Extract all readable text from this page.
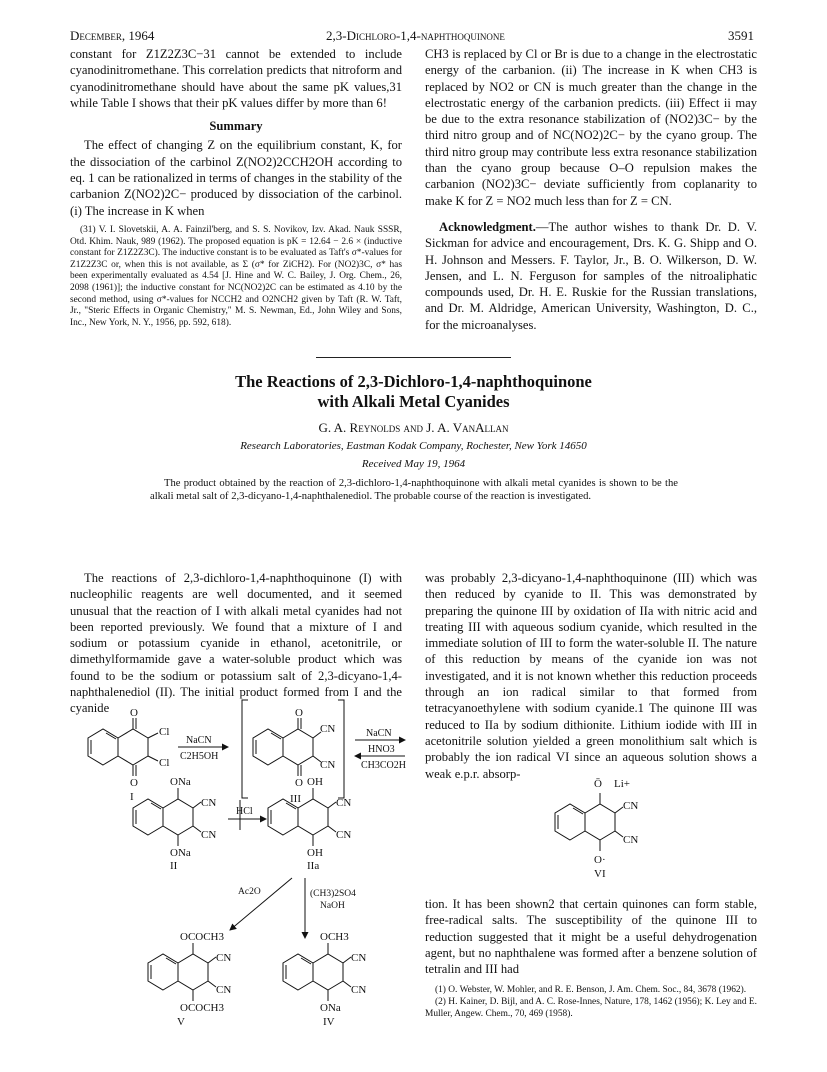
December, 1964	2,3-Dichloro-1,4-naphthoquinone	3591

constant for Z1Z2Z3C−31 cannot be extended to include cyanodinitromethane. This correlation predicts that nitroform and cyanodinitromethane should have about the same pK values,31 while Table I shows that their pK values differ by more than 6!

Summary

The effect of changing Z on the equilibrium constant, K, for the dissociation of the carbinol Z(NO2)2CCH2OH according to eq. 1 can be rationalized in terms of changes in the stability of the carbanion Z(NO2)2C− produced by dissociation of the carbinol. (i) The increase in K when

(31) V. I. Slovetskii, A. A. Fainzil'berg, and S. S. Novikov, Izv. Akad. Nauk SSSR, Otd. Khim. Nauk, 989 (1962). The proposed equation is pK = 12.64 − 2.6 × (inductive constant for Z1Z2Z3C). The inductive constant is to be evaluated as Taft's σ*-values for Z1Z2Z3C or, when this is not available, as Σ (σ* for ZiCH2). For (NO2)3C, σ* has been experimentally evaluated as 4.54 [J. Hine and W. C. Bailey, J. Org. Chem., 26, 2098 (1961)]; the inductive constant for NC(NO2)2C can be estimated as 4.10 by the second method, using σ*-values for NCCH2 and O2NCH2 given by Taft (R. W. Taft, Jr., "Steric Effects in Organic Chemistry," M. S. Newman, Ed., John Wiley and Sons, Inc., New York, N. Y., 1956, pp. 592, 618).

CH3 is replaced by Cl or Br is due to a change in the electrostatic energy of the carbanion. (ii) The increase in K when CH3 is replaced by NO2 or CN is much greater than the change in the electrostatic energy of the carbanion predicts. (iii) Effect ii may be due to the extra resonance stabilization of (NO2)3C− by the third nitro group and of NC(NO2)2C− by the cyano group. The third nitro group may contribute less extra resonance stabilization than the cyano group because O–O repulsion makes the carbanion (NO2)3C− deviate sufficiently from coplanarity to make K for Z = NO2 much less than for Z = CN.

Acknowledgment.—The author wishes to thank Dr. D. V. Sickman for advice and encouragement, Drs. K. G. Shipp and O. H. Johnson and Messers. F. Taylor, Jr., B. O. Wilkerson, D. W. Jensen, and L. N. Ferguson for samples of the nitroaliphatic compounds used, Dr. H. E. Ruskie for the Russian translations, and Dr. M. Aldridge, American University, Washington, D. C., for the microanalyses.

The Reactions of 2,3-Dichloro-1,4-naphthoquinone
with Alkali Metal Cyanides
G. A. Reynolds and J. A. VanAllan
Research Laboratories, Eastman Kodak Company, Rochester, New York 14650
Received May 19, 1964
The product obtained by the reaction of 2,3-dichloro-1,4-naphthoquinone with alkali metal cyanides is shown to be the alkali metal salt of 2,3-dicyano-1,4-naphthalenediol. The probable course of the reaction is investigated.

The reactions of 2,3-dichloro-1,4-naphthoquinone (I) with nucleophilic reagents are well documented, and it seemed unusual that the reaction of I with alkali metal cyanides had not been reported previously. We found that a mixture of I and sodium or potassium cyanide in ethanol, acetonitrile, or dimethylformamide gave a water-soluble product which was found to be the sodium or potassium salt of 2,3-dicyano-1,4-naphthalenediol (II). The initial product formed from I and the cyanide

was probably 2,3-dicyano-1,4-naphthoquinone (III) which was then reduced by cyanide to II. This was demonstrated by preparing the quinone III by oxidation of IIa with nitric acid and treating III with aqueous sodium cyanide, which resulted in the immediate solution of III to form the water-soluble II. The nature of this reduction by means of the cyanide ion was not investigated, and it is not known whether this reduction proceeds through an ion radical similar to that formed from tetracyanoethylene with sodium cyanide.1 The quinone III was reduced to IIa by sodium dithionite. Lithium iodide with III in acetonitrile solution yielded a green monolithium salt which is probably the ion radical VI since an aqueous solution shows a weak e.p.r. absorp-

tion. It has been shown2 that certain quinones can form stable, free-radical salts. The susceptibility of the quinone III to reduction suggested that it might be a useful dehydrogenation agent, but no naphthalene was formed after a benzene solution of tetralin and III had

(1) O. Webster, W. Mohler, and R. E. Benson, J. Am. Chem. Soc., 84, 3678 (1962).
(2) H. Kainer, D. Bijl, and A. C. Rose-Innes, Nature, 178, 1462 (1956); K. Ley and E. Muller, Angew. Chem., 70, 469 (1958).
O
Cl
Cl
O
I
NaCN
C2H5OH
O
CN
CN
O
III
NaCN
HNO3
CH3CO2H
ONa
CN
CN
ONa
II
HCl
OH
CN
CN
OH
IIa
Ac2O	(CH3)2SO4
NaOH
OCOCH3
CN
CN
OCOCH3
V
OCH3
CN
CN
ONa
IV
Ō Li+
CN
CN
O·
VI
